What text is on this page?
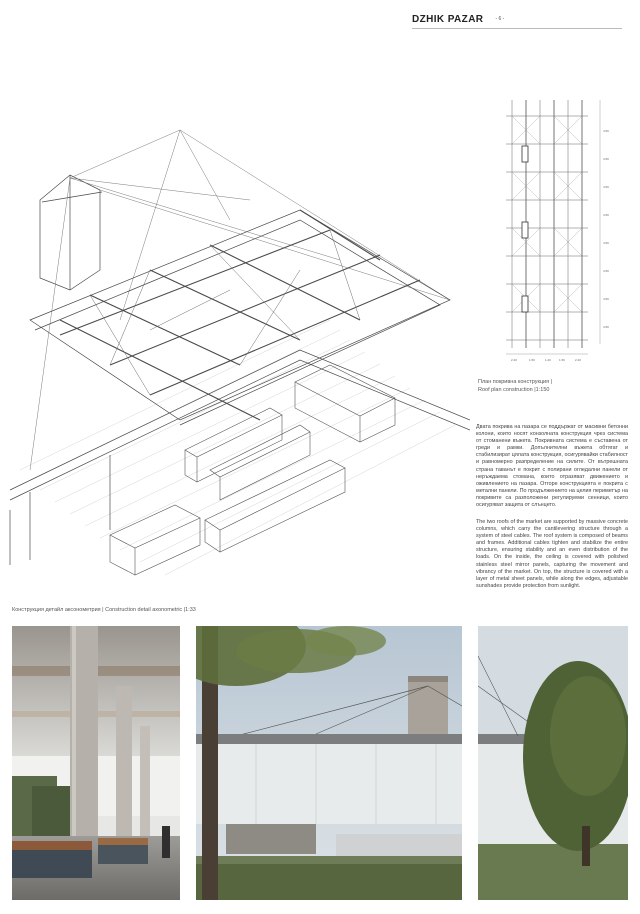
DZHIK PAZAR - 6 -
Конструкция детайл аксонометрия | Construction detail axonometric |1:33
4.50
4.50
4.50
4.50
4.50
4.50
4.50
4.50
2.40	1.50	1.20	1.50	2.40
План покривна конструкция |
Roof plan construction |1:150
Двата покрива на пазара се поддържат от масивни бетонни колони, които носят конзолната конструкция чрез система от стоманени въжета. Покривната система е съставена от греди и рамки. Допълнителни въжета обтягат и стабилизират цялата конструкция, осигурявайки стабилност и равномерно разпределение на силите. От вътрешната страна таванът е покрит с полирани огледални панели от неръждаема стомана, които отразяват движението и оживлението на пазара. Отгоре конструкцията е покрита с метални панели. По продължението на целия периметър на покривите са разположени регулируеми сенници, които осигуряват защита от слънцето.
The two roofs of the market are supported by massive concrete columns, which carry the cantilevering structure through a system of steel cables. The roof system is composed of beams and frames. Additional cables tighten and stabilize the entire structure, ensuring stability and an even distribution of the loads. On the inside, the ceiling is covered with polished stainless steel mirror panels, capturing the movement and vibrancy of the market. On top, the structure is covered with a layer of metal sheet panels, while along the edges, adjustable sunshades provide protection from sunlight.
